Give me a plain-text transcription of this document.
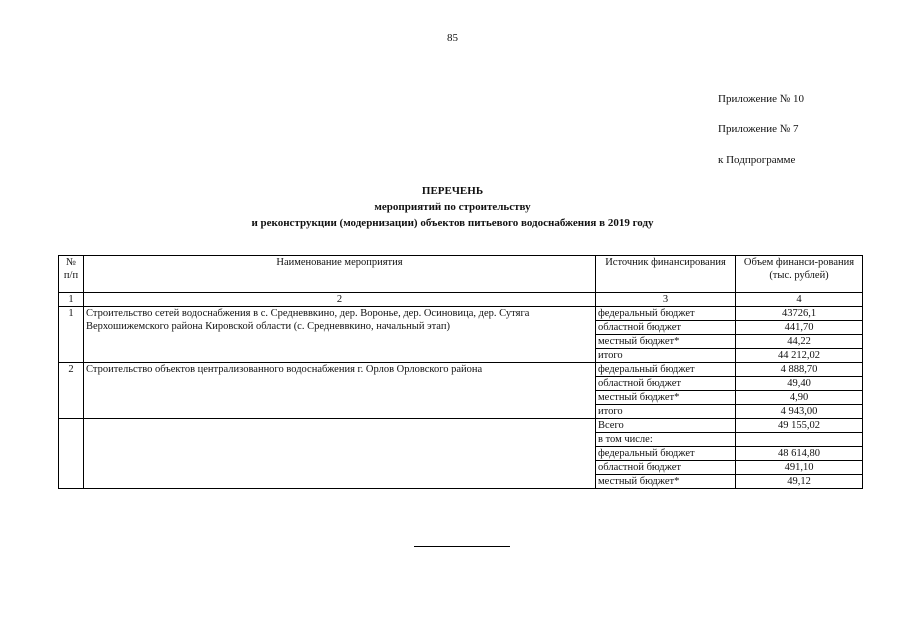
85
Приложение № 10
Приложение № 7
к Подпрограмме
ПЕРЕЧЕНЬ
мероприятий по строительству
и реконструкции (модернизации) объектов питьевого водоснабжения в 2019 году
№ п/п	Наименование мероприятия	Источник финансирования	Объем финанси-рования (тыс. рублей)
1	2	3	4
1	Строительство сетей водоснабжения в с. Средневвкино, дер. Воронье, дер. Осиновица, дер. Сутяга Верхошижемского района Кировской области (с. Средневвкино, начальный этап)	федеральный бюджет	43726,1
		областной бюджет	441,70
		местный бюджет*	44,22
		итого	44 212,02
2	Строительство объектов централизованного водоснабжения г. Орлов Орловского района	федеральный бюджет	4 888,70
		областной бюджет	49,40
		местный бюджет*	4,90
		итого	4 943,00
		Всего	49 155,02
		в том числе:	
		федеральный бюджет	48 614,80
		областной бюджет	491,10
		местный бюджет*	49,12
